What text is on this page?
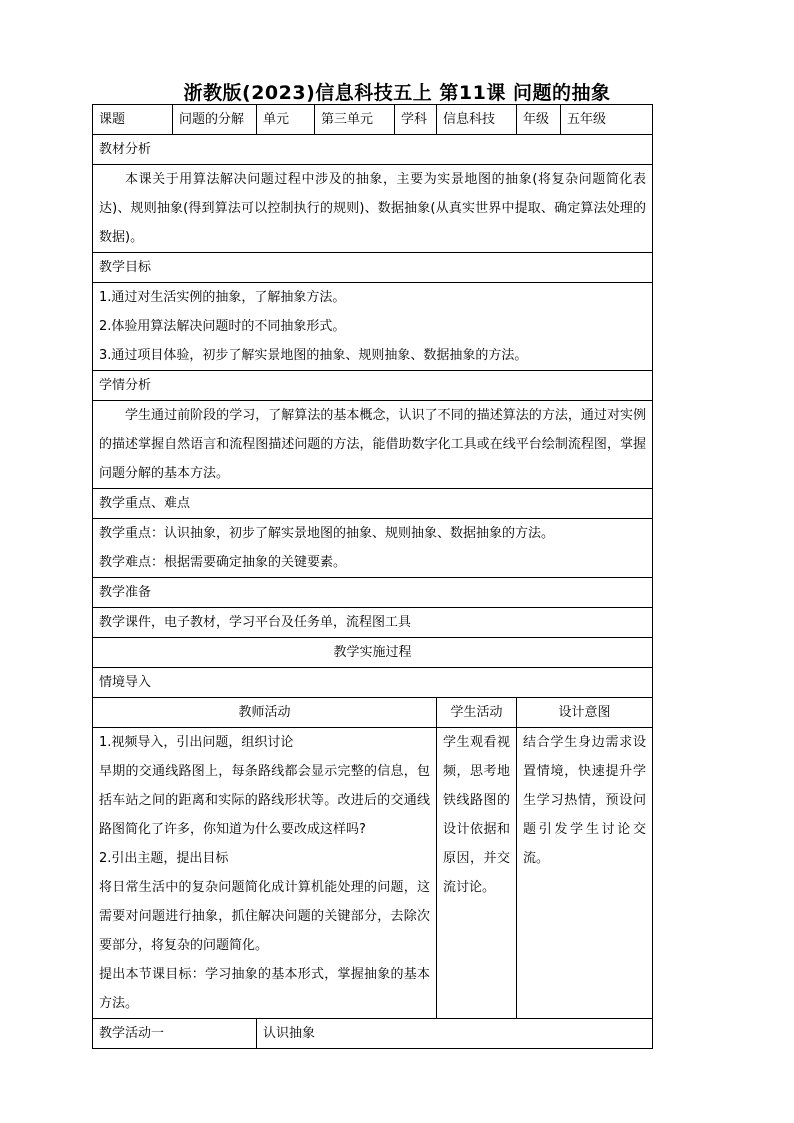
浙教版(2023)信息科技五上 第11课 问题的抽象
课题	问题的分解	单元	第三单元	学科	信息科技	年级	五年级
教材分析							
本课关于用算法解决问题过程中涉及的抽象，主要为实景地图的抽象(将复杂问题简化表达)、规则抽象(得到算法可以控制执行的规则)、数据抽象(从真实世界中提取、确定算法处理的数据)。							
教学目标							

1.通过对生活实例的抽象，了解抽象方法。

2.体验用算法解决问题时的不同抽象形式。

3.通过项目体验，初步了解实景地图的抽象、规则抽象、数据抽象的方法。							

学情分析							
学生通过前阶段的学习，了解算法的基本概念，认识了不同的描述算法的方法，通过对实例的描述掌握自然语言和流程图描述问题的方法，能借助数字化工具或在线平台绘制流程图，掌握问题分解的基本方法。							
教学重点、难点							

教学重点：认识抽象，初步了解实景地图的抽象、规则抽象、数据抽象的方法。

教学难点：根据需要确定抽象的关键要素。							

教学准备							
教学课件，电子教材，学习平台及任务单，流程图工具							
教学实施过程							
情境导入							
教师活动					学生活动	设计意图	

1.视频导入，引出问题，组织讨论

早期的交通线路图上，每条路线都会显示完整的信息，包括车站之间的距离和实际的路线形状等。改进后的交通线路图简化了许多，你知道为什么要改成这样吗?

2.引出主题，提出目标

将日常生活中的复杂问题简化成计算机能处理的问题，这需要对问题进行抽象，抓住解决问题的关键部分，去除次要部分，将复杂的问题简化。

提出本节课目标：学习抽象的基本形式，掌握抽象的基本方法。					学生观看视频，思考地铁线路图的设计依据和原因，并交流讨论。	结合学生身边需求设置情境，快速提升学生学习热情，预设问题引发学生讨论交流。	
教学活动一		认识抽象					
